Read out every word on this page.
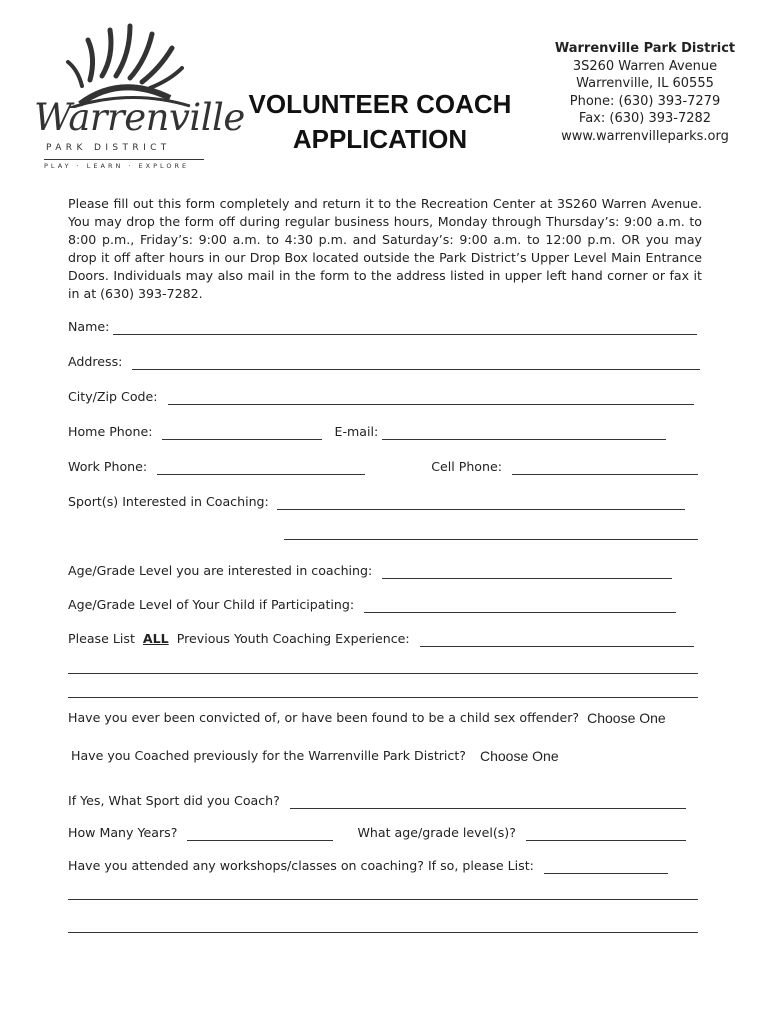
Warrenville
PARK DISTRICT
PLAY · LEARN · EXPLORE
VOLUNTEER COACH
APPLICATION
Warrenville Park District
3S260 Warren Avenue
Warrenville, IL 60555
Phone: (630) 393-7279
Fax: (630) 393-7282
www.warrenvilleparks.org
Please fill out this form completely and return it to the Recreation Center at 3S260 Warren Avenue. You may drop the form off during regular business hours, Monday through Thursday’s: 9:00 a.m. to 8:00 p.m., Friday’s: 9:00 a.m. to 4:30 p.m. and Saturday’s: 9:00 a.m. to 12:00 p.m. OR you may drop it off after hours in our Drop Box located outside the Park District’s Upper Level Main Entrance Doors. Individuals may also mail in the form to the address listed in upper left hand corner or fax it in at (630) 393-7282.
Name:
Address:
City/Zip Code:
Home Phone:	E-mail:
Work Phone:	Cell Phone:
Sport(s) Interested in Coaching:
Age/Grade Level you are interested in coaching:
Age/Grade Level of Your Child if Participating:
Please List ALL Previous Youth Coaching Experience:
Have you ever been convicted of, or have been found to be a child sex offender? Choose One
Have you Coached previously for the Warrenville Park District? Choose One
If Yes, What Sport did you Coach?
How Many Years?	What age/grade level(s)?
Have you attended any workshops/classes on coaching? If so, please List:
